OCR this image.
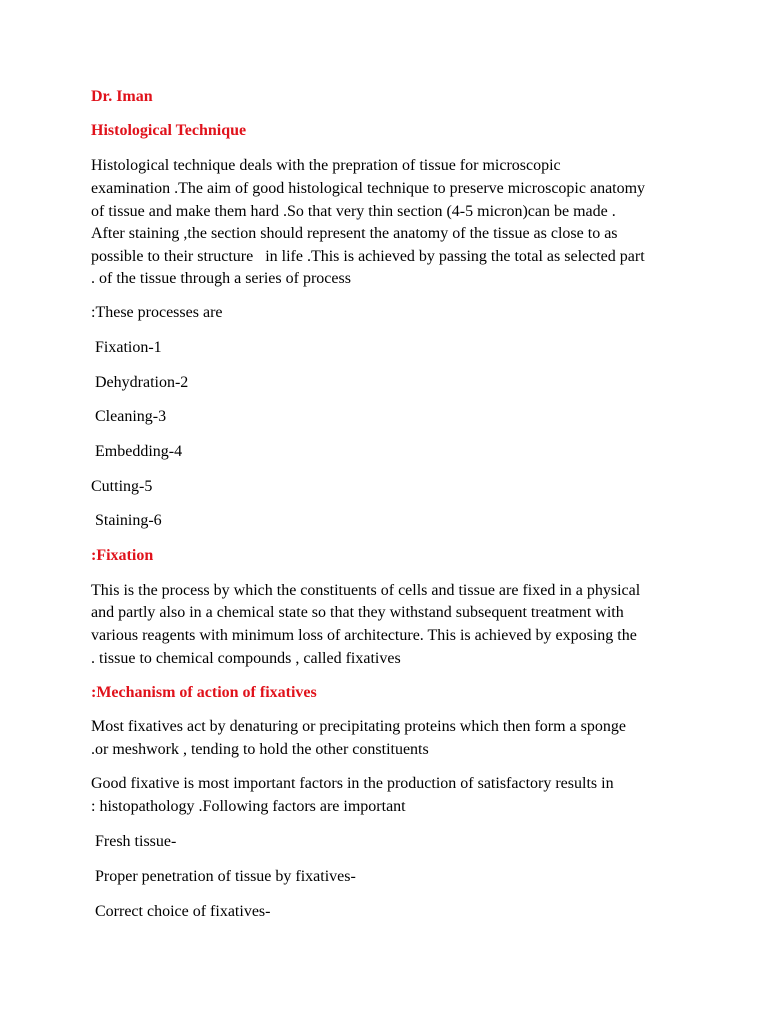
Dr. Iman
Histological Technique
Histological technique deals with the prepration of tissue for microscopic
examination .The aim of good histological technique to preserve microscopic anatomy
of tissue and make them hard .So that very thin section (4-5 micron)can be made .
After staining ,the section should represent the anatomy of the tissue as close to as
possible to their structure   in life .This is achieved by passing the total as selected part
. of the tissue through a series of process
:These processes are
Fixation-1
Dehydration-2
Cleaning-3
Embedding-4
Cutting-5
Staining-6
:Fixation
This is the process by which the constituents of cells and tissue are fixed in a physical
and partly also in a chemical state so that they withstand subsequent treatment with
various reagents with minimum loss of architecture. This is achieved by exposing the
. tissue to chemical compounds , called fixatives
:Mechanism of action of fixatives
Most fixatives act by denaturing or precipitating proteins which then form a sponge
.or meshwork , tending to hold the other constituents
Good fixative is most important factors in the production of satisfactory results in
: histopathology .Following factors are important
Fresh tissue-
Proper penetration of tissue by fixatives-
Correct choice of fixatives-
